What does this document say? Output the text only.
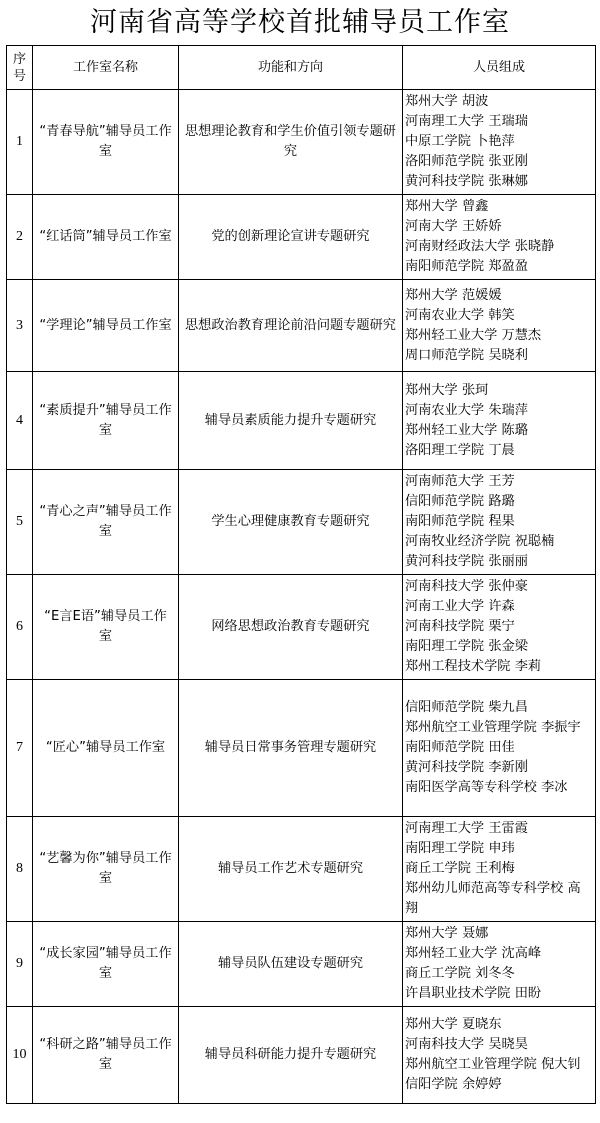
河南省高等学校首批辅导员工作室
序号	工作室名称	功能和方向	人员组成
1	“青春导航”辅导员工作室	思想理论教育和学生价值引领专题研究	郑州大学 胡波
河南理工大学 王瑞瑞
中原工学院 卜艳萍
洛阳师范学院 张亚刚
黄河科技学院 张琳娜

2	“红话筒”辅导员工作室	党的创新理论宣讲专题研究	郑州大学 曾鑫
河南大学 王娇娇
河南财经政法大学 张晓静
南阳师范学院 郑盈盈

3	“学理论”辅导员工作室	思想政治教育理论前沿问题专题研究	郑州大学 范媛媛
河南农业大学 韩笑
郑州轻工业大学 万慧杰
周口师范学院 吴晓利

4	“素质提升”辅导员工作室	辅导员素质能力提升专题研究	郑州大学 张珂
河南农业大学 朱瑞萍
郑州轻工业大学 陈璐
洛阳理工学院 丁晨

5	“青心之声”辅导员工作室	学生心理健康教育专题研究	河南师范大学 王芳
信阳师范学院 路璐
南阳师范学院 程果
河南牧业经济学院 祝聪楠
黄河科技学院 张丽丽

6	“E言E语”辅导员工作室	网络思想政治教育专题研究	河南科技大学 张仲豪
河南工业大学 许森
河南科技学院 栗宁
南阳理工学院 张金梁
郑州工程技术学院 李莉

7	“匠心”辅导员工作室	辅导员日常事务管理专题研究	信阳师范学院 柴九昌
郑州航空工业管理学院 李振宇
南阳师范学院 田佳
黄河科技学院 李新刚
南阳医学高等专科学校 李冰

8	“艺馨为你”辅导员工作室	辅导员工作艺术专题研究	河南理工大学 王雷霞
南阳理工学院 申玮
商丘工学院 王利梅
郑州幼儿师范高等专科学校 高翔

9	“成长家园”辅导员工作室	辅导员队伍建设专题研究	郑州大学 聂娜
郑州轻工业大学 沈高峰
商丘工学院 刘冬冬
许昌职业技术学院 田盼

10	“科研之路”辅导员工作室	辅导员科研能力提升专题研究	郑州大学 夏晓东
河南科技大学 吴晓昊
郑州航空工业管理学院 倪大钊
信阳学院 余婷婷
